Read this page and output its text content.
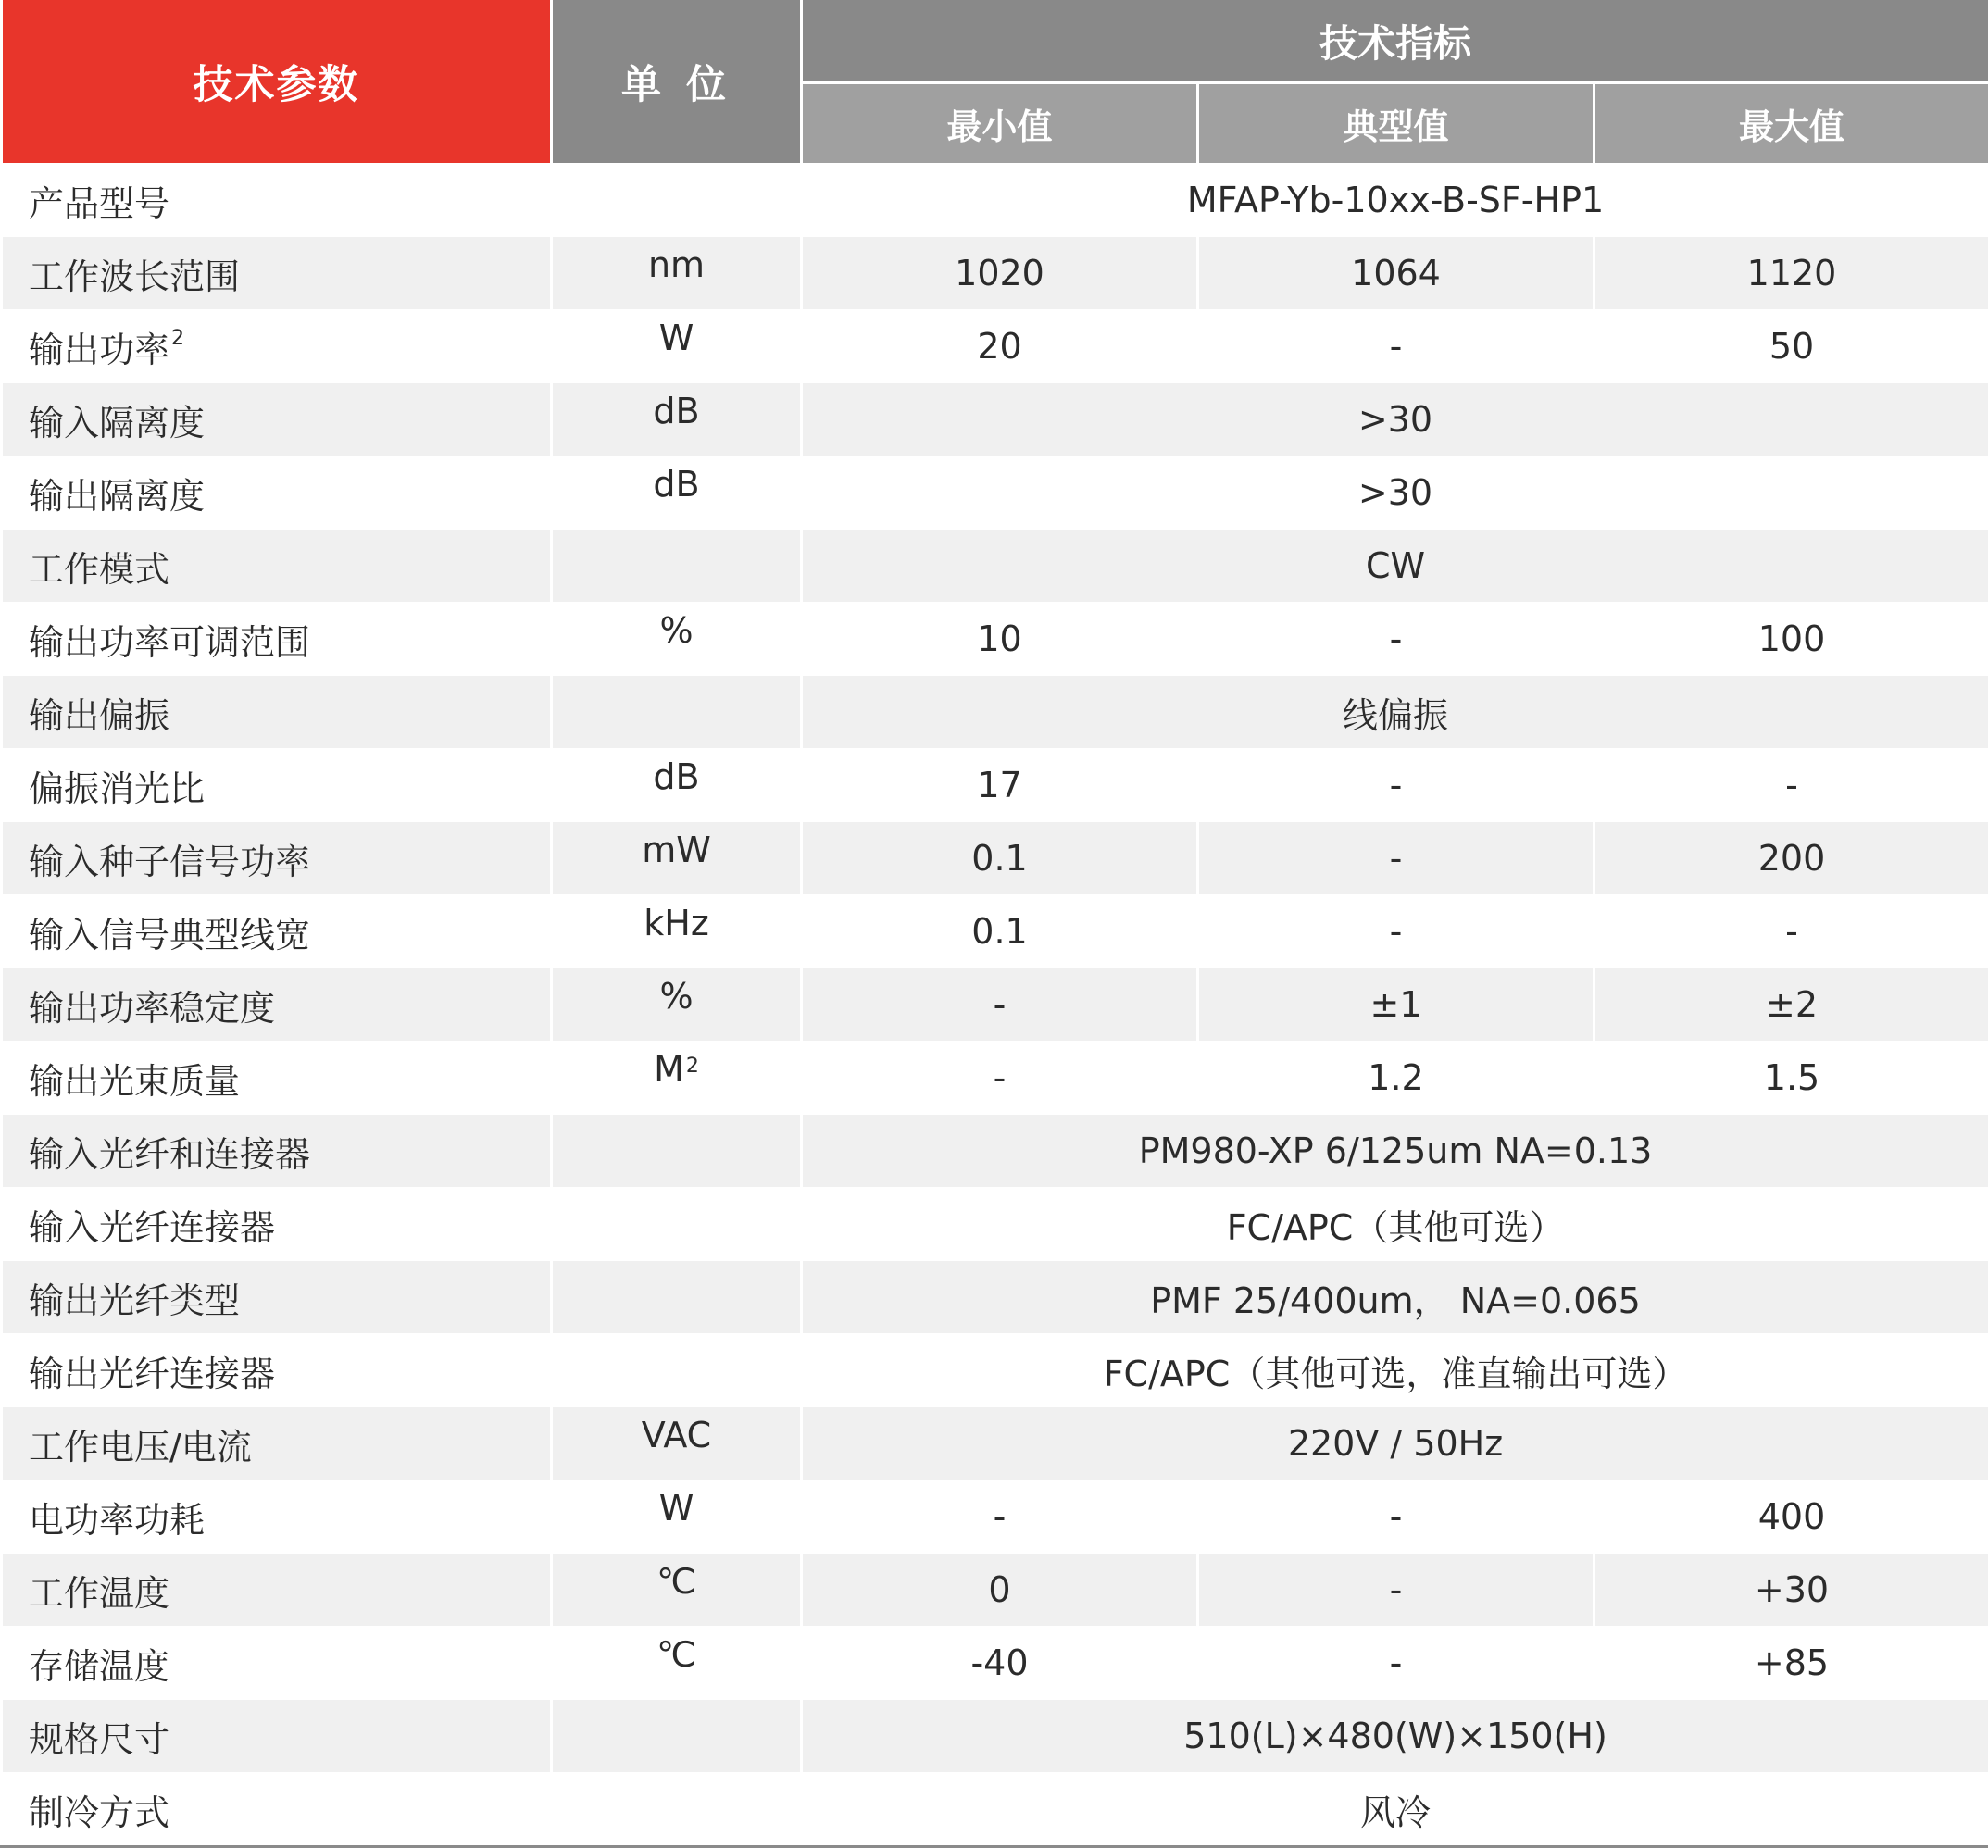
技术参数	单 位	技术指标		
		最小值	典型值	最大值
产品型号		MFAP-Yb-10xx-B-SF-HP1		
工作波长范围	nm	1020	1064	1120
输出功率$^2$	W	20	-	50
输入隔离度	dB	>30		
输出隔离度	dB	>30		
工作模式		CW		
输出功率可调范围	%	10	-	100
输出偏振		线偏振		
偏振消光比	dB	17	-	-
输入种子信号功率	mW	0.1	-	200
输入信号典型线宽	kHz	0.1	-	-
输出功率稳定度	%	-	±1	±2
输出光束质量	$M^2$	-	1.2	1.5
输入光纤和连接器		PM980-XP 6/125um NA=0.13		
输入光纤连接器		FC/APC（其他可选）		
输出光纤类型		PMF 25/400um， NA=0.065		
输出光纤连接器		FC/APC（其他可选，准直输出可选）		
工作电压/电流	VAC	220V / 50Hz		
电功率功耗	W	-	-	400
工作温度	℃	0	-	+30
存储温度	℃	-40	-	+85
规格尺寸		510(L)×480(W)×150(H)		
制冷方式		风冷		
